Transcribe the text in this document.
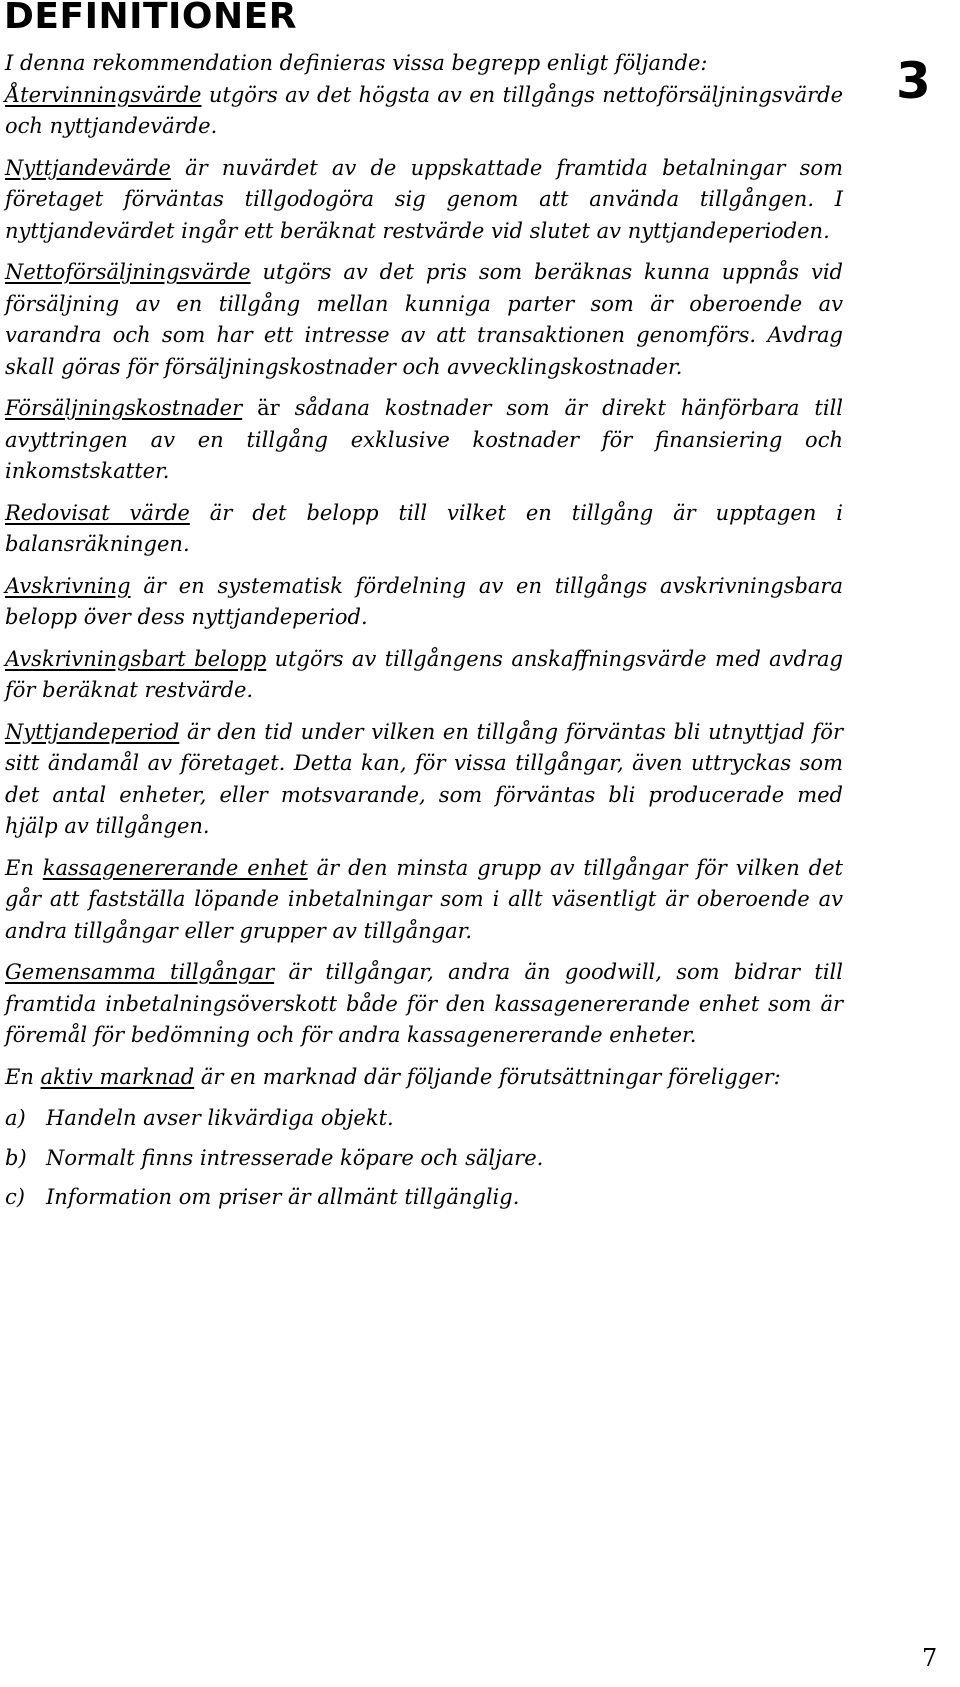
DEFINITIONER
3

I denna rekommendation definieras vissa begrepp enligt följande:

Återvinningsvärde utgörs av det högsta av en tillgångs nettoförsäljningsvärde och nyttjandevärde.

Nyttjandevärde är nuvärdet av de uppskattade framtida betalningar som företaget förväntas tillgodogöra sig genom att använda tillgången. I nyttjandevärdet ingår ett beräknat restvärde vid slutet av nyttjandeperioden.

Nettoförsäljningsvärde utgörs av det pris som beräknas kunna uppnås vid försäljning av en tillgång mellan kunniga parter som är oberoende av varandra och som har ett intresse av att transaktionen genomförs. Avdrag skall göras för försäljningskostnader och avvecklingskostnader.

Försäljningskostnader är sådana kostnader som är direkt hänförbara till avyttringen av en tillgång exklusive kostnader för finansiering och inkomstskatter.

Redovisat värde är det belopp till vilket en tillgång är upptagen i balansräkningen.

Avskrivning är en systematisk fördelning av en tillgångs avskrivningsbara belopp över dess nyttjandeperiod.

Avskrivningsbart belopp utgörs av tillgångens anskaffningsvärde med avdrag för beräknat restvärde.

Nyttjandeperiod är den tid under vilken en tillgång förväntas bli utnyttjad för sitt ändamål av företaget. Detta kan, för vissa tillgångar, även uttryckas som det antal enheter, eller motsvarande, som förväntas bli producerade med hjälp av tillgången.

En kassagenererande enhet är den minsta grupp av tillgångar för vilken det går att fastställa löpande inbetalningar som i allt väsentligt är oberoende av andra tillgångar eller grupper av tillgångar.

Gemensamma tillgångar är tillgångar, andra än goodwill, som bidrar till framtida inbetalningsöverskott både för den kassagenererande enhet som är föremål för bedömning och för andra kassagenererande enheter.

En aktiv marknad är en marknad där följande förutsättningar föreligger:

a) Handeln avser likvärdiga objekt.
b) Normalt finns intresserade köpare och säljare.
c)	Information om priser är allmänt tillgänglig.
7
